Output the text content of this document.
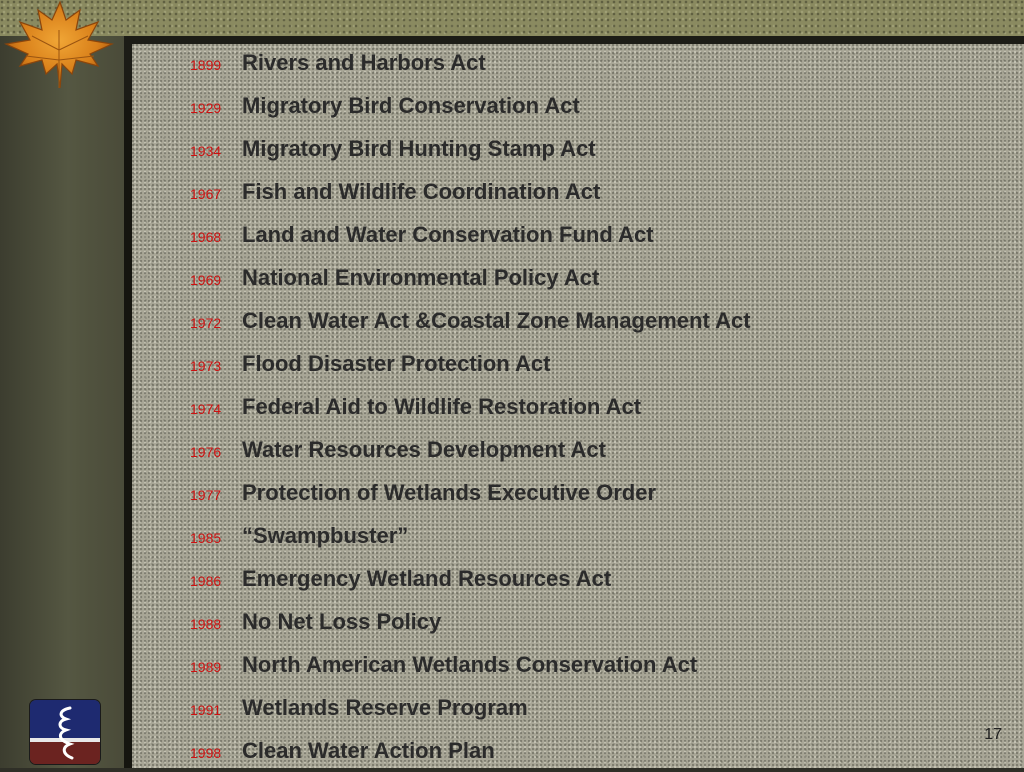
1899 Rivers and Harbors Act
1929 Migratory Bird Conservation Act
1934 Migratory Bird Hunting Stamp Act
1967 Fish and Wildlife Coordination Act
1968 Land and Water Conservation Fund Act
1969 National Environmental Policy Act
1972 Clean Water Act &Coastal Zone Management Act
1973 Flood Disaster Protection Act
1974 Federal Aid to Wildlife Restoration Act
1976 Water Resources Development Act
1977 Protection of Wetlands Executive Order
1985 “Swampbuster”
1986 Emergency Wetland Resources Act
1988 No Net Loss Policy
1989 North American Wetlands Conservation Act
1991 Wetlands Reserve Program
1998 Clean Water Action Plan
17
